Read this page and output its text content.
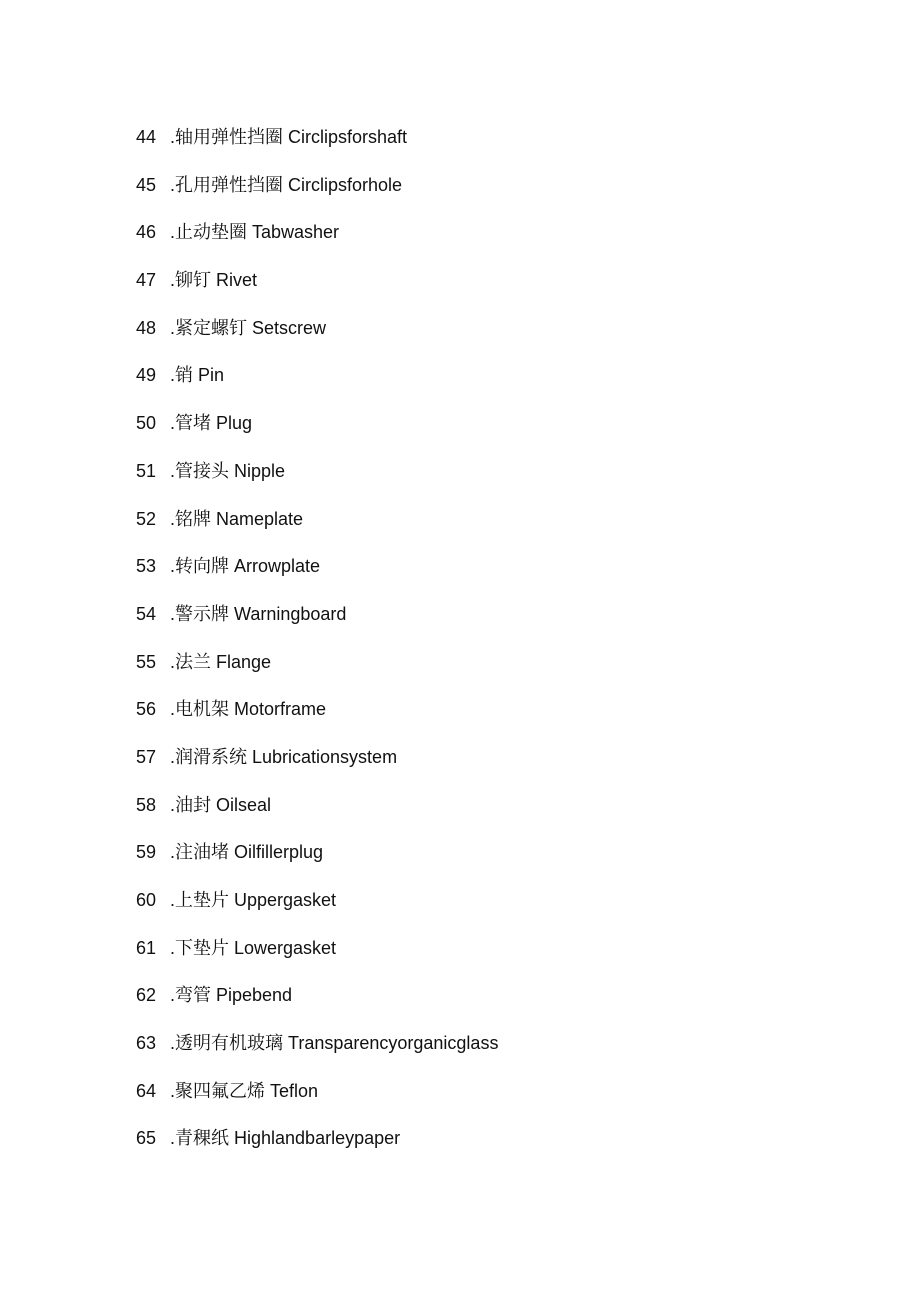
44 .轴用弹性挡圈 Circlipsforshaft
45 .孔用弹性挡圈 Circlipsforhole
46 .止动垫圈 Tabwasher
47 .铆钉 Rivet
48 .紧定螺钉 Setscrew
49 .销 Pin
50 .管堵 Plug
51 .管接头 Nipple
52 .铭牌 Nameplate
53 .转向牌 Arrowplate
54 .警示牌 Warningboard
55 .法兰 Flange
56 .电机架 Motorframe
57 .润滑系统 Lubricationsystem
58 .油封 Oilseal
59 .注油堵 Oilfillerplug
60 .上垫片 Uppergasket
61 .下垫片 Lowergasket
62 .弯管 Pipebend
63 .透明有机玻璃 Transparencyorganicglass
64 .聚四氟乙烯 Teflon
65 .青稞纸 Highlandbarleypaper
